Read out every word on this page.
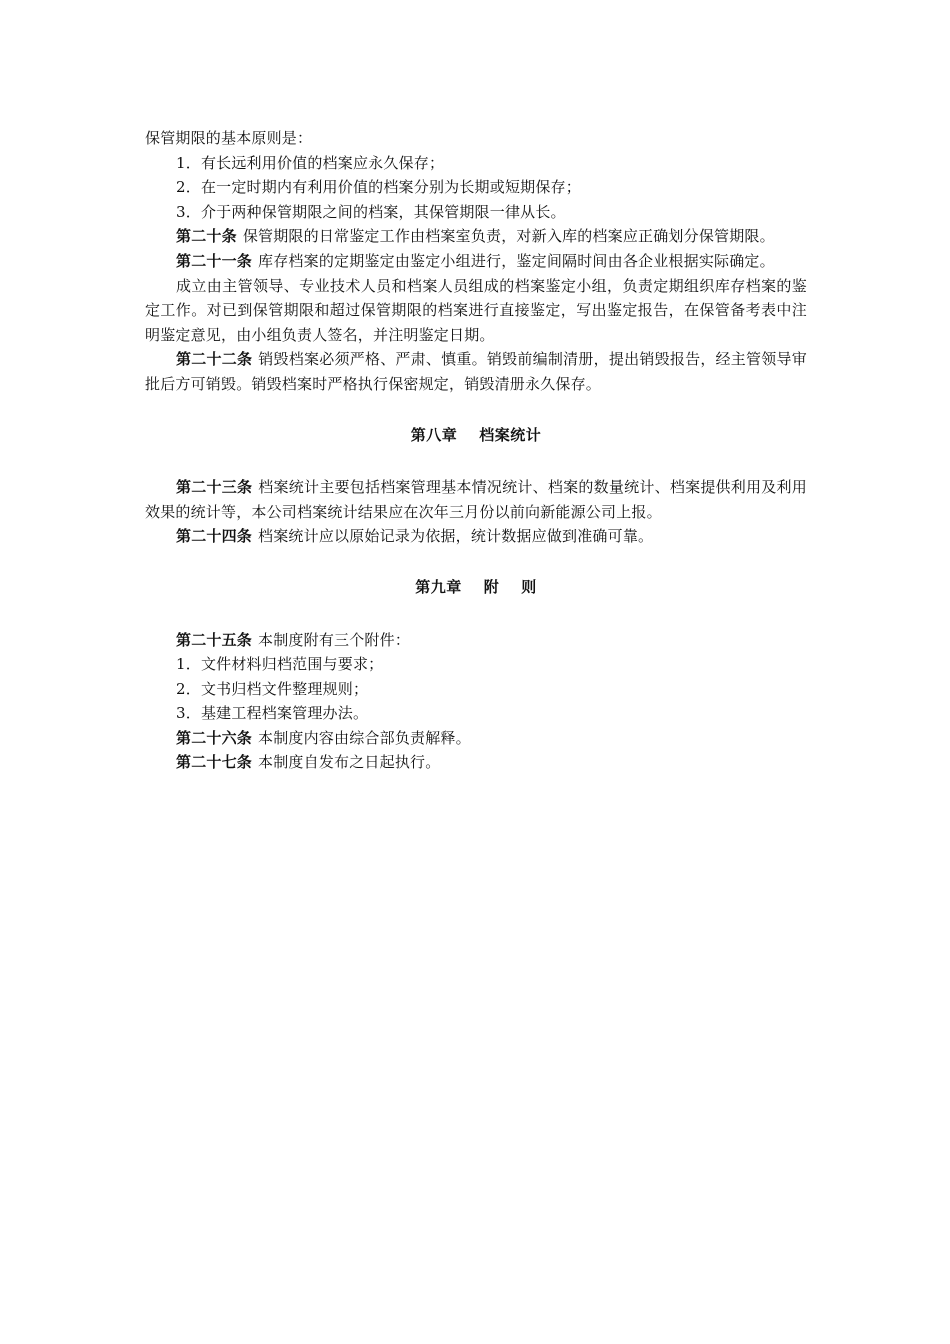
保管期限的基本原则是：

1．有长远利用价值的档案应永久保存；

2．在一定时期内有利用价值的档案分别为长期或短期保存；

3．介于两种保管期限之间的档案，其保管期限一律从长。

第二十条 保管期限的日常鉴定工作由档案室负责，对新入库的档案应正确划分保管期限。

第二十一条 库存档案的定期鉴定由鉴定小组进行，鉴定间隔时间由各企业根据实际确定。

成立由主管领导、专业技术人员和档案人员组成的档案鉴定小组，负责定期组织库存档案的鉴定工作。对已到保管期限和超过保管期限的档案进行直接鉴定，写出鉴定报告，在保管备考表中注明鉴定意见，由小组负责人签名，并注明鉴定日期。

第二十二条 销毁档案必须严格、严肃、慎重。销毁前编制清册，提出销毁报告，经主管领导审批后方可销毁。销毁档案时严格执行保密规定，销毁清册永久保存。

第八章 档案统计

第二十三条 档案统计主要包括档案管理基本情况统计、档案的数量统计、档案提供利用及利用效果的统计等，本公司档案统计结果应在次年三月份以前向新能源公司上报。

第二十四条 档案统计应以原始记录为依据，统计数据应做到准确可靠。

第九章 附 则

第二十五条 本制度附有三个附件：

1．文件材料归档范围与要求；

2．文书归档文件整理规则；

3．基建工程档案管理办法。

第二十六条 本制度内容由综合部负责解释。

第二十七条 本制度自发布之日起执行。
